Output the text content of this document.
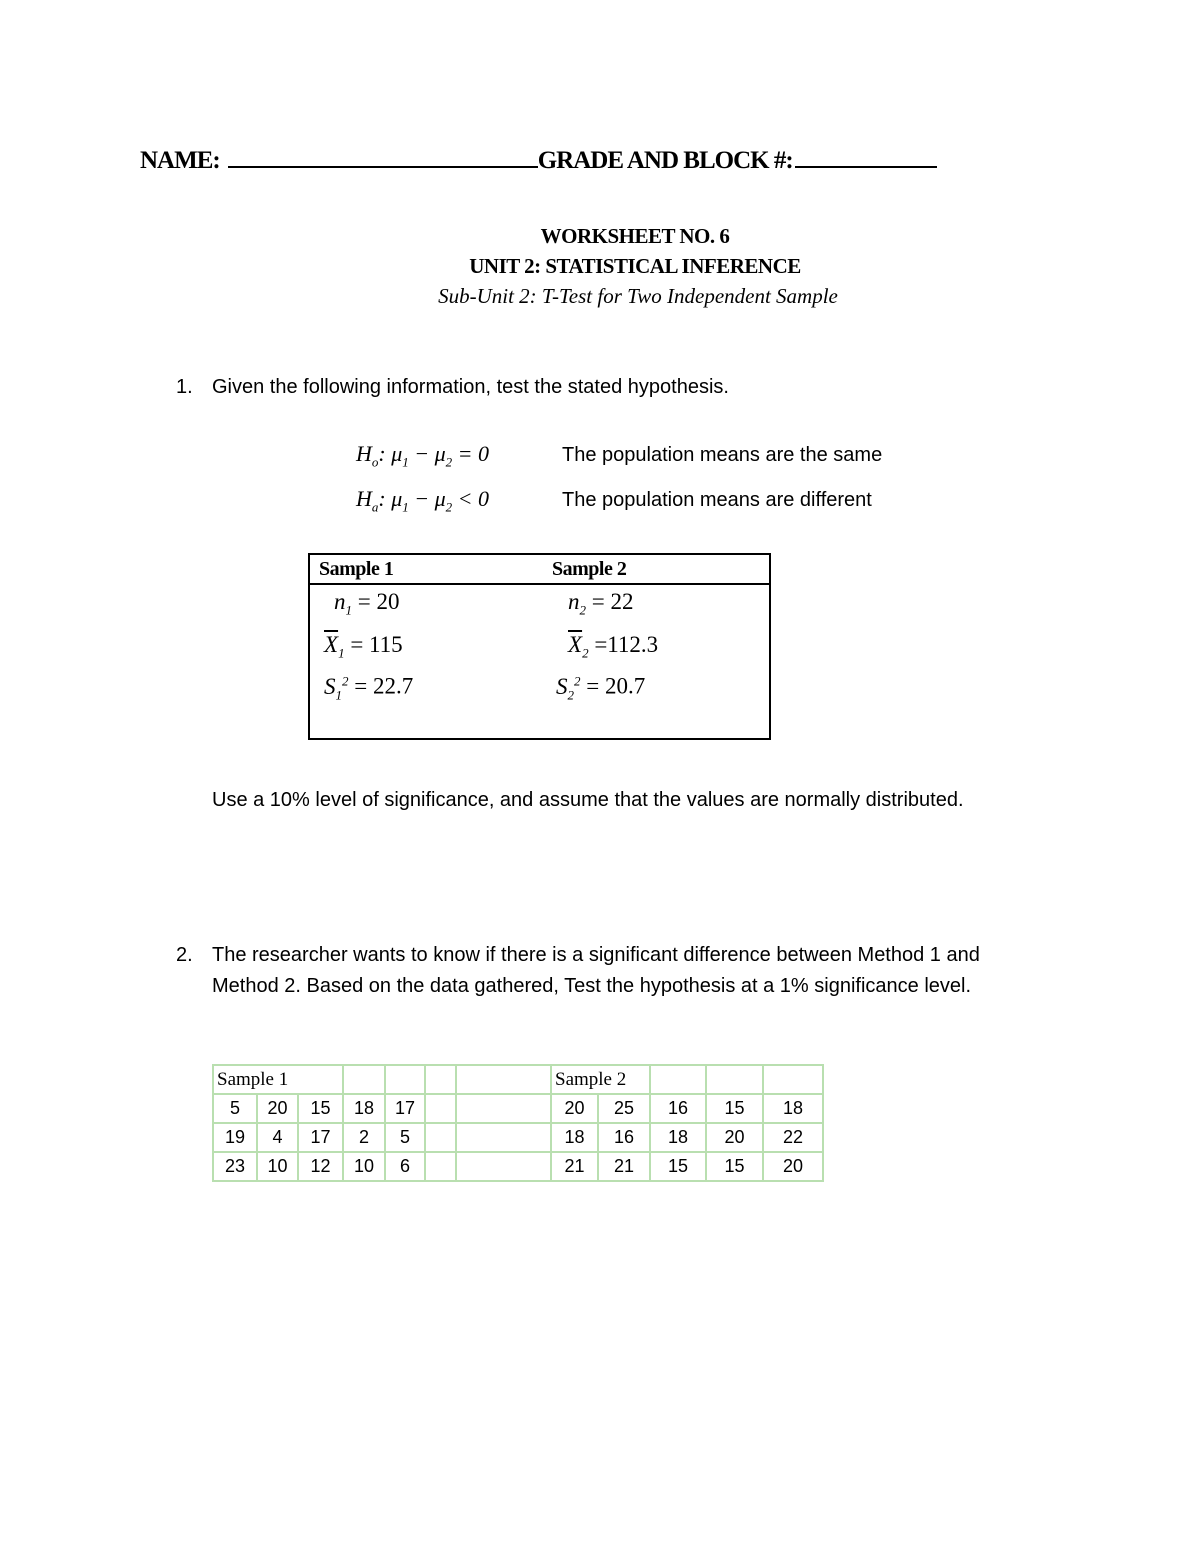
NAME:	GRADE AND BLOCK #:
WORKSHEET NO. 6
UNIT 2: STATISTICAL INFERENCE
Sub-Unit 2: T-Test for Two Independent Sample
1. Given the following information, test the stated hypothesis.
$H_o$: $\mu_1 - \mu_2 = 0$	The population means are the same
$H_a$: $\mu_1 - \mu_2 < 0$	The population means are different
Sample 1	Sample 2
$n_1 = 20$	$n_2 = 22$
$\overline{X}_1 = 115$	$\overline{X}_2 =112.3$
$S_1^2 = 22.7$	$S_2^2 = 20.7$
Use a 10% level of significance, and assume that the values are normally distributed.
2. The researcher wants to know if there is a significant difference between Method 1 and
Method 2. Based on the data gathered, Test the hypothesis at a 1% significance level.
Sample 1							Sample 2				
5	20	15	18	17			20	25	16	15	18
19	4	17	2	5			18	16	18	20	22
23	10	12	10	6			21	21	15	15	20
